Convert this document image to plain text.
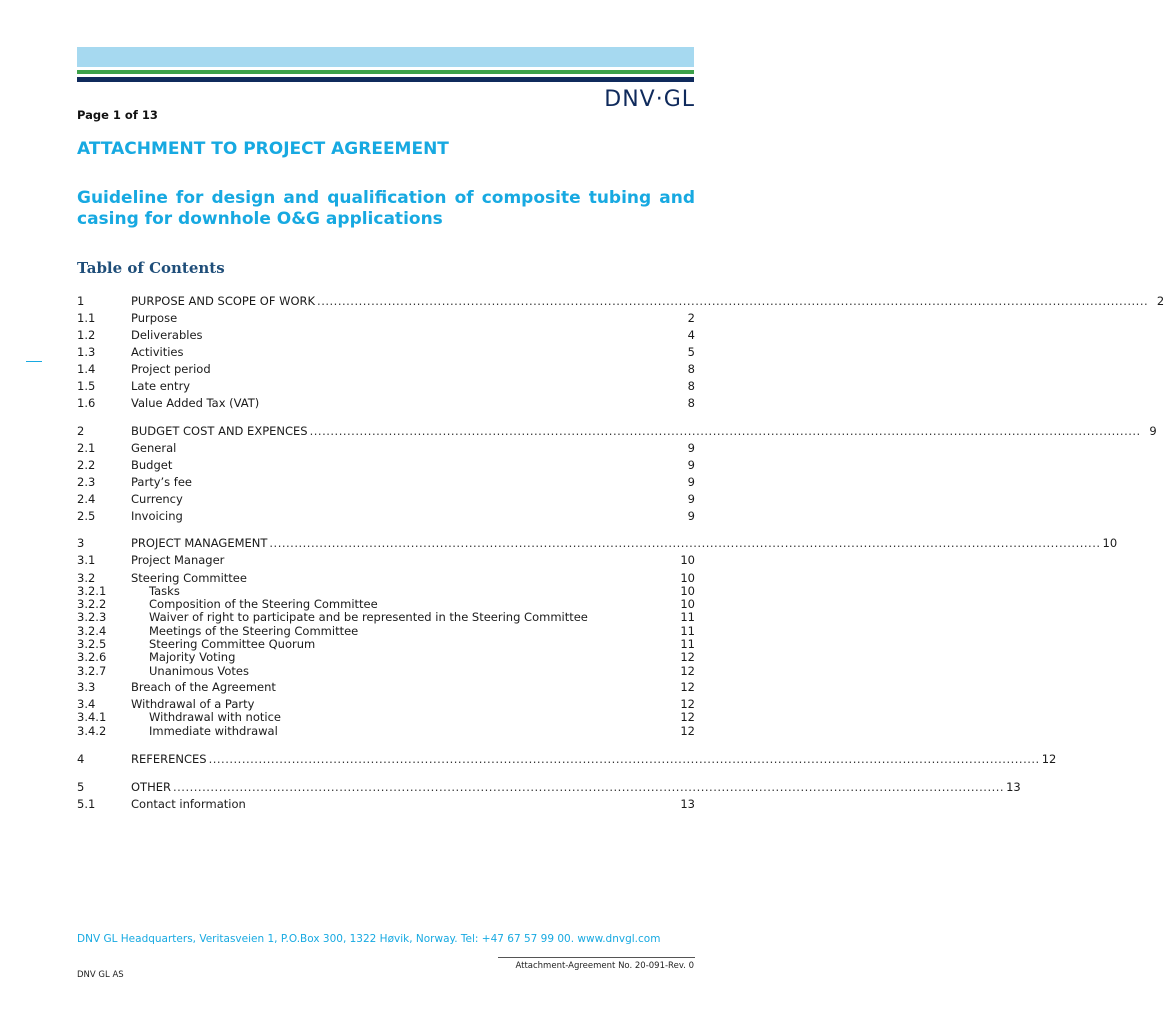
Page 1 of 13
DNV·GL
ATTACHMENT TO PROJECT AGREEMENT
Guideline for design and qualification of composite tubing and casing for downhole O&G applications
Table of Contents
1	PURPOSE AND SCOPE OF WORK ........................................................................................................................................................................................................ 2
1.1	Purpose	2
1.2	Deliverables	4
1.3	Activities	5
1.4	Project period	8
1.5	Late entry	8
1.6	Value Added Tax (VAT)	8
2	BUDGET COST AND EXPENCES ........................................................................................................................................................................................................ 9
2.1	General	9
2.2	Budget	9
2.3	Party’s fee	9
2.4	Currency	9
2.5	Invoicing	9
3	PROJECT MANAGEMENT ........................................................................................................................................................................................................ 10
3.1	Project Manager	10
3.2	Steering Committee	10
3.2.1	Tasks	10
3.2.2	Composition of the Steering Committee	10
3.2.3	Waiver of right to participate and be represented in the Steering Committee	11
3.2.4	Meetings of the Steering Committee	11
3.2.5	Steering Committee Quorum	11
3.2.6	Majority Voting	12
3.2.7	Unanimous Votes	12
3.3	Breach of the Agreement	12
3.4	Withdrawal of a Party	12
3.4.1	Withdrawal with notice	12
3.4.2	Immediate withdrawal	12
4	REFERENCES ........................................................................................................................................................................................................ 12
5	OTHER ........................................................................................................................................................................................................ 13
5.1	Contact information	13
DNV GL Headquarters, Veritasveien 1, P.O.Box 300, 1322 Høvik, Norway. Tel: +47 67 57 99 00. www.dnvgl.com
Attachment-Agreement No. 20-091-Rev. 0
DNV GL AS
